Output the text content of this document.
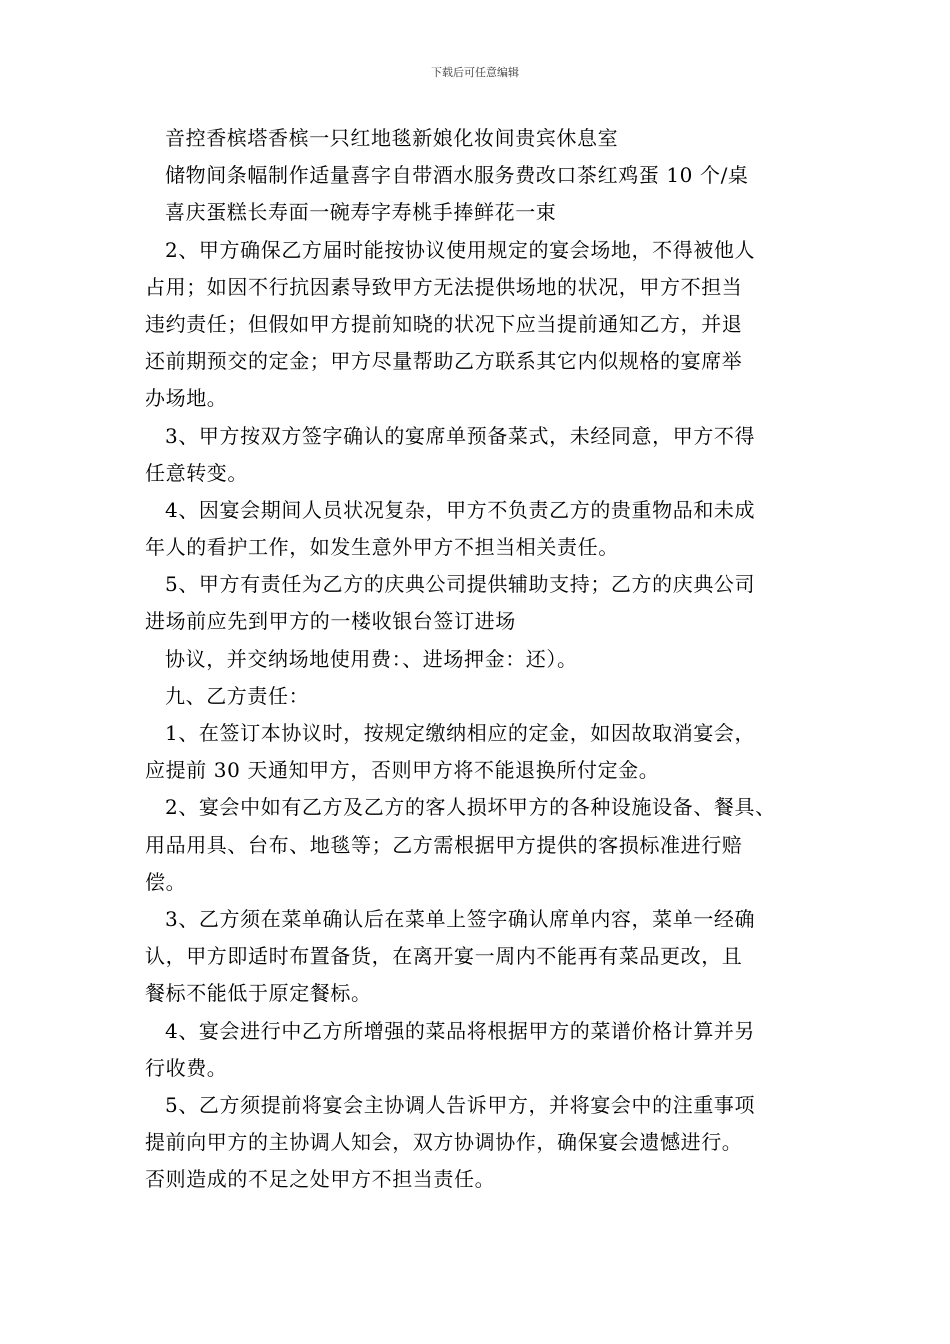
下载后可任意编辑
音控香槟塔香槟一只红地毯新娘化妆间贵宾休息室
储物间条幅制作适量喜字自带酒水服务费改口茶红鸡蛋 10 个/桌
喜庆蛋糕长寿面一碗寿字寿桃手捧鲜花一束
2、甲方确保乙方届时能按协议使用规定的宴会场地，不得被他人
占用；如因不行抗因素导致甲方无法提供场地的状况，甲方不担当
违约责任；但假如甲方提前知晓的状况下应当提前通知乙方，并退
还前期预交的定金；甲方尽量帮助乙方联系其它内似规格的宴席举
办场地。
3、甲方按双方签字确认的宴席单预备菜式，未经同意，甲方不得
任意转变。
4、因宴会期间人员状况复杂，甲方不负责乙方的贵重物品和未成
年人的看护工作，如发生意外甲方不担当相关责任。
5、甲方有责任为乙方的庆典公司提供辅助支持；乙方的庆典公司
进场前应先到甲方的一楼收银台签订进场
协议，并交纳场地使用费：、进场押金：还）。
九、乙方责任：
1、在签订本协议时，按规定缴纳相应的定金，如因故取消宴会，
应提前 30 天通知甲方，否则甲方将不能退换所付定金。
2、宴会中如有乙方及乙方的客人损坏甲方的各种设施设备、餐具、
用品用具、台布、地毯等；乙方需根据甲方提供的客损标准进行赔
偿。
3、乙方须在菜单确认后在菜单上签字确认席单内容，菜单一经确
认，甲方即适时布置备货，在离开宴一周内不能再有菜品更改，且
餐标不能低于原定餐标。
4、宴会进行中乙方所增强的菜品将根据甲方的菜谱价格计算并另
行收费。
5、乙方须提前将宴会主协调人告诉甲方，并将宴会中的注重事项
提前向甲方的主协调人知会，双方协调协作，确保宴会遗憾进行。
否则造成的不足之处甲方不担当责任。
